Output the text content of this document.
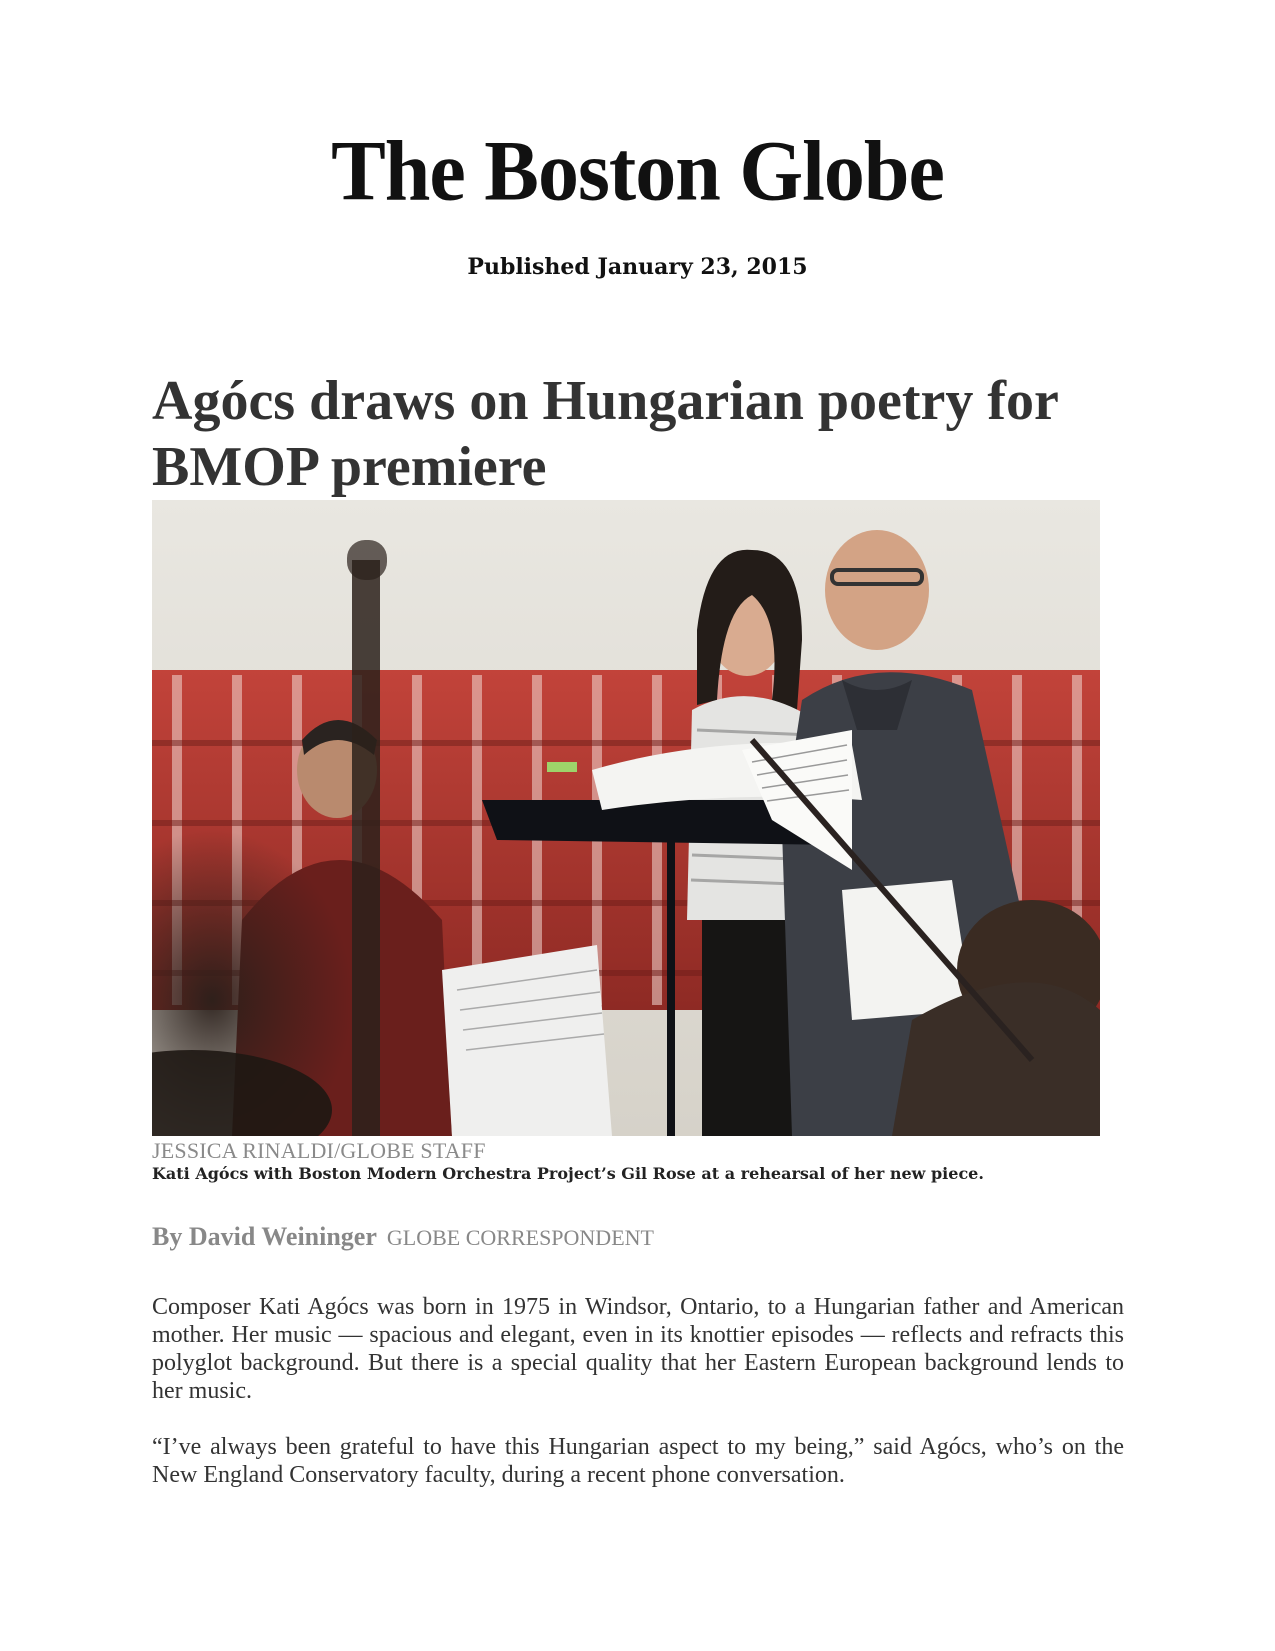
The Boston Globe
Published January 23, 2015
Agócs draws on Hungarian poetry for BMOP premiere
JESSICA RINALDI/GLOBE STAFF
Kati Agócs with Boston Modern Orchestra Project’s Gil Rose at a rehearsal of her new piece.
By David Weininger GLOBE CORRESPONDENT

Composer Kati Agócs was born in 1975 in Windsor, Ontario, to a Hungarian father and American mother. Her music — spacious and elegant, even in its knottier episodes — reflects and refracts this polyglot background. But there is a special quality that her Eastern European background lends to her music.

“I’ve always been grateful to have this Hungarian aspect to my being,” said Agócs, who’s on the New England Conservatory faculty, during a recent phone conversation.
